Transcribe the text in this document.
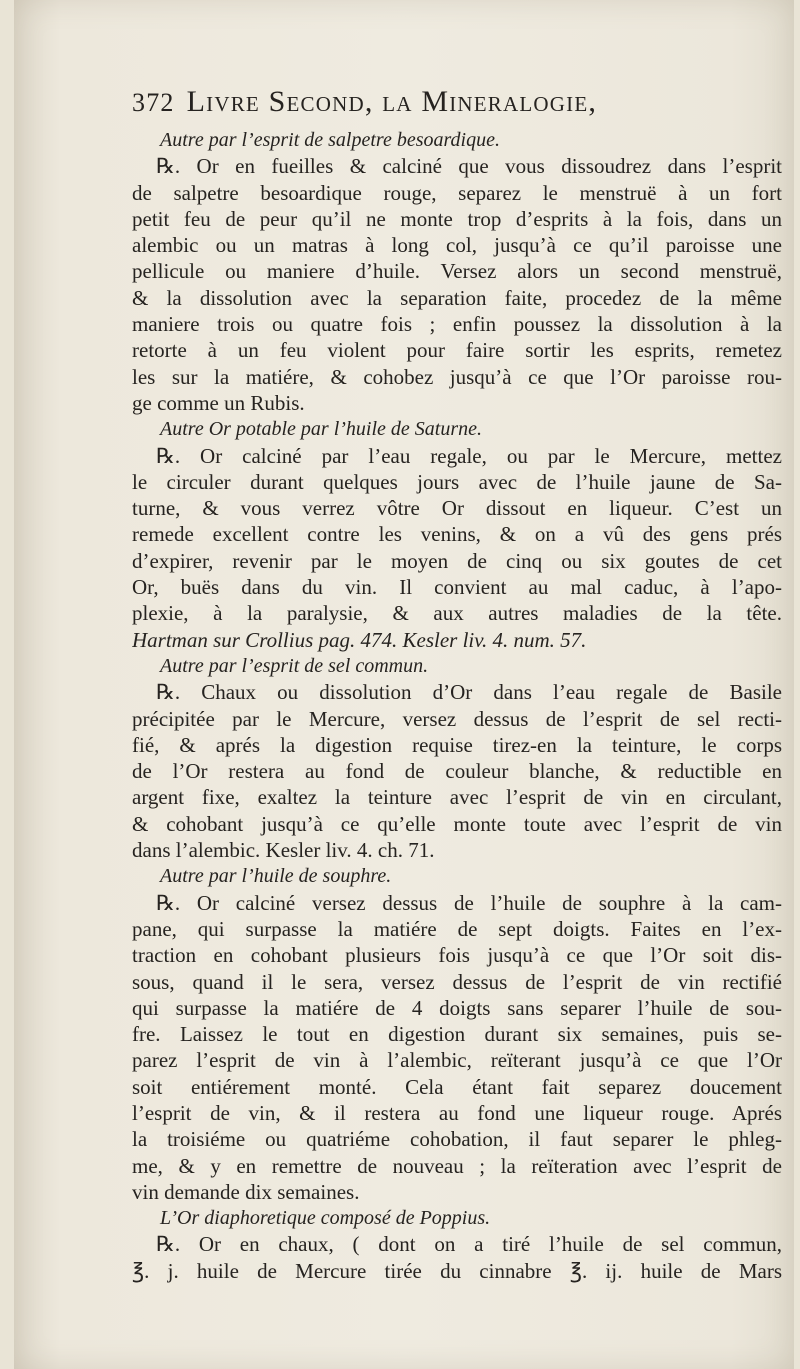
372 Livre Second, la Mineralogie,
Autre par l’esprit de salpetre besoardique.
℞. Or en fueilles & calciné que vous dissoudrez dans l’esprit
de salpetre besoardique rouge, separez le menstruë à un fort
petit feu de peur qu’il ne monte trop d’esprits à la fois, dans un
alembic ou un matras à long col, jusqu’à ce qu’il paroisse une
pellicule ou maniere d’huile. Versez alors un second menstruë,
& la dissolution avec la separation faite, procedez de la même
maniere trois ou quatre fois ; enfin poussez la dissolution à la
retorte à un feu violent pour faire sortir les esprits, remetez
les sur la matiére, & cohobez jusqu’à ce que l’Or paroisse rou-
ge comme un Rubis.
Autre Or potable par l’huile de Saturne.
℞. Or calciné par l’eau regale, ou par le Mercure, mettez
le circuler durant quelques jours avec de l’huile jaune de Sa-
turne, & vous verrez vôtre Or dissout en liqueur. C’est un
remede excellent contre les venins, & on a vû des gens prés
d’expirer, revenir par le moyen de cinq ou six goutes de cet
Or, buës dans du vin. Il convient au mal caduc, à l’apo-
plexie, à la paralysie, & aux autres maladies de la tête.
Hartman sur Crollius pag. 474. Kesler liv. 4. num. 57.
Autre par l’esprit de sel commun.
℞. Chaux ou dissolution d’Or dans l’eau regale de Basile
précipitée par le Mercure, versez dessus de l’esprit de sel recti-
fié, & aprés la digestion requise tirez-en la teinture, le corps
de l’Or restera au fond de couleur blanche, & reductible en
argent fixe, exaltez la teinture avec l’esprit de vin en circulant,
& cohobant jusqu’à ce qu’elle monte toute avec l’esprit de vin
dans l’alembic. Kesler liv. 4. ch. 71.
Autre par l’huile de souphre.
℞. Or calciné versez dessus de l’huile de souphre à la cam-
pane, qui surpasse la matiére de sept doigts. Faites en l’ex-
traction en cohobant plusieurs fois jusqu’à ce que l’Or soit dis-
sous, quand il le sera, versez dessus de l’esprit de vin rectifié
qui surpasse la matiére de 4 doigts sans separer l’huile de sou-
fre. Laissez le tout en digestion durant six semaines, puis se-
parez l’esprit de vin à l’alembic, reïterant jusqu’à ce que l’Or
soit entiérement monté. Cela étant fait separez doucement
l’esprit de vin, & il restera au fond une liqueur rouge. Aprés
la troisiéme ou quatriéme cohobation, il faut separer le phleg-
me, & y en remettre de nouveau ; la reïteration avec l’esprit de
vin demande dix semaines.
L’Or diaphoretique composé de Poppius.
℞. Or en chaux, ( dont on a tiré l’huile de sel commun,
℥. j. huile de Mercure tirée du cinnabre ℥. ij. huile de Mars
